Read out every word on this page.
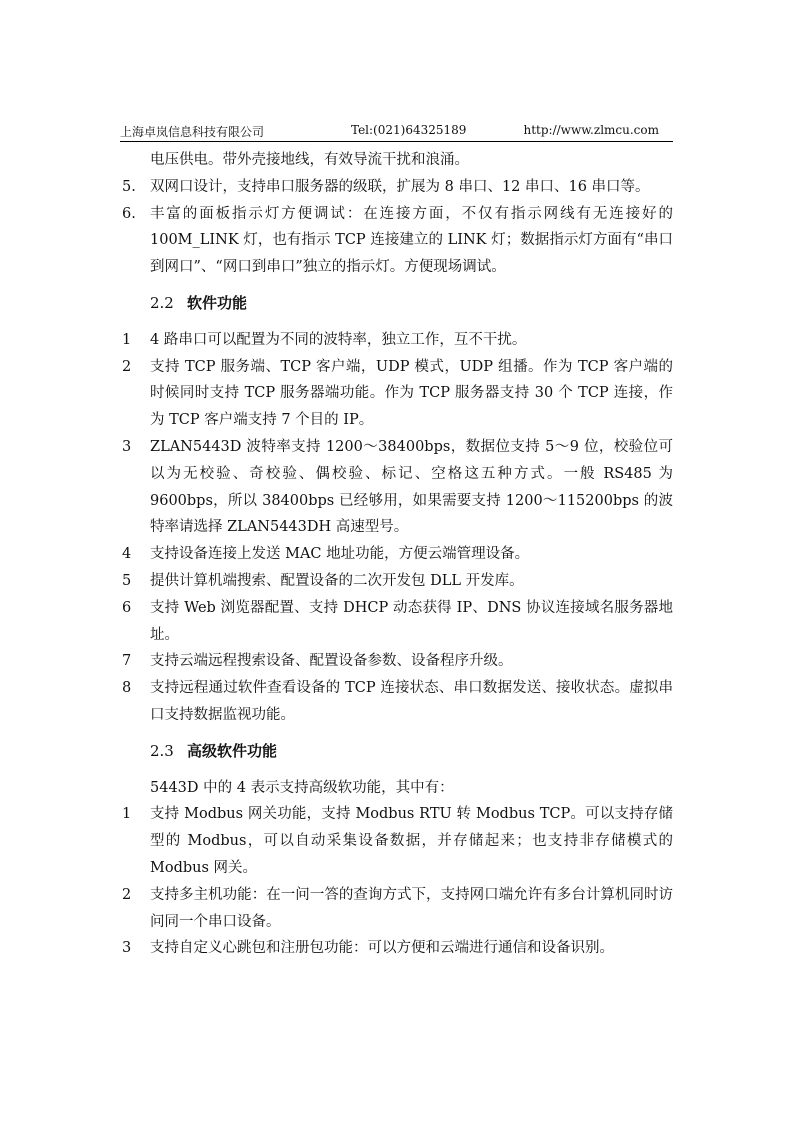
上海卓岚信息科技有限公司	Tel:(021)64325189	http://www.zlmcu.com
电压供电。带外壳接地线，有效导流干扰和浪涌。
5. 双网口设计，支持串口服务器的级联，扩展为 8 串口、12 串口、16 串口等。
6. 丰富的面板指示灯方便调试：在连接方面，不仅有指示网线有无连接好的 100M_LINK 灯，也有指示 TCP 连接建立的 LINK 灯；数据指示灯方面有“串口到网口”、“网口到串口”独立的指示灯。方便现场调试。
2.2 软件功能
1 4 路串口可以配置为不同的波特率，独立工作，互不干扰。
2 支持 TCP 服务端、TCP 客户端，UDP 模式，UDP 组播。作为 TCP 客户端的时候同时支持 TCP 服务器端功能。作为 TCP 服务器支持 30 个 TCP 连接，作为 TCP 客户端支持 7 个目的 IP。
3 ZLAN5443D 波特率支持 1200～38400bps，数据位支持 5～9 位，校验位可以为无校验、奇校验、偶校验、标记、空格这五种方式。一般 RS485 为 9600bps，所以 38400bps 已经够用，如果需要支持 1200～115200bps 的波特率请选择 ZLAN5443DH 高速型号。
4 支持设备连接上发送 MAC 地址功能，方便云端管理设备。
5 提供计算机端搜索、配置设备的二次开发包 DLL 开发库。
6 支持 Web 浏览器配置、支持 DHCP 动态获得 IP、DNS 协议连接域名服务器地址。
7 支持云端远程搜索设备、配置设备参数、设备程序升级。
8 支持远程通过软件查看设备的 TCP 连接状态、串口数据发送、接收状态。虚拟串口支持数据监视功能。
2.3 高级软件功能
5443D 中的 4 表示支持高级软功能，其中有：
1 支持 Modbus 网关功能，支持 Modbus RTU 转 Modbus TCP。可以支持存储型的 Modbus，可以自动采集设备数据，并存储起来；也支持非存储模式的 Modbus 网关。
2 支持多主机功能：在一问一答的查询方式下，支持网口端允许有多台计算机同时访问同一个串口设备。
3 支持自定义心跳包和注册包功能：可以方便和云端进行通信和设备识别。
